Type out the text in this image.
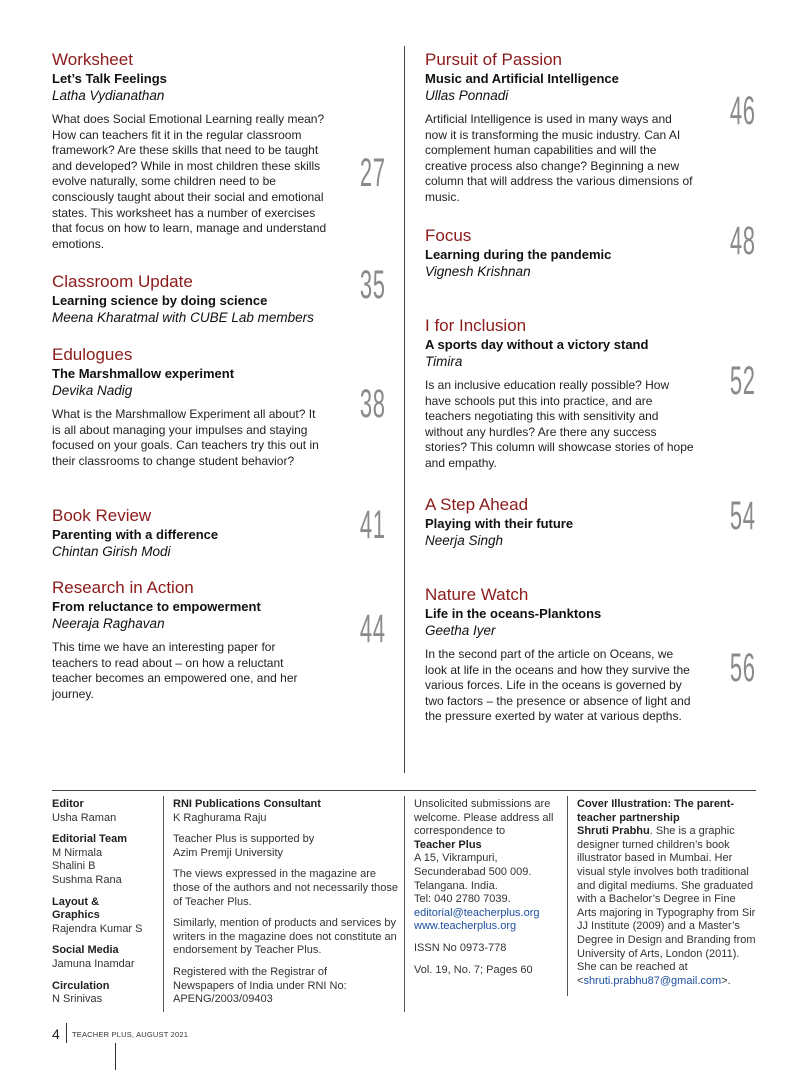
Worksheet
Let’s Talk Feelings
Latha Vydianathan
What does Social Emotional Learning really mean? How can teachers fit it in the regular classroom framework? Are these skills that need to be taught and developed? While in most children these skills evolve naturally, some children need to be consciously taught about their social and emotional states. This worksheet has a number of exercises that focus on how to learn, manage and understand emotions.
27
Classroom Update
Learning science by doing science
Meena Kharatmal with CUBE Lab members
35
Edulogues
The Marshmallow experiment
Devika Nadig
What is the Marshmallow Experiment all about? It is all about managing your impulses and staying focused on your goals. Can teachers try this out in their classrooms to change student behavior?
38
Book Review
Parenting with a difference
Chintan Girish Modi
41
Research in Action
From reluctance to empowerment
Neeraja Raghavan
This time we have an interesting paper for teachers to read about – on how a reluctant teacher becomes an empowered one, and her journey.
44
Pursuit of Passion
Music and Artificial Intelligence
Ullas Ponnadi
Artificial Intelligence is used in many ways and now it is transforming the music industry. Can AI complement human capabilities and will the creative process also change? Beginning a new column that will address the various dimensions of music.
46
Focus
Learning during the pandemic
Vignesh Krishnan
48
I for Inclusion
A sports day without a victory stand
Timira
Is an inclusive education really possible? How have schools put this into practice, and are teachers negotiating this with sensitivity and without any hurdles? Are there any success stories? This column will showcase stories of hope and empathy.
52
A Step Ahead
Playing with their future
Neerja Singh
54
Nature Watch
Life in the oceans-Planktons
Geetha Iyer
In the second part of the article on Oceans, we look at life in the oceans and how they survive the various forces. Life in the oceans is governed by two factors – the presence or absence of light and the pressure exerted by water at various depths.
56
Editor
Usha Raman
Editorial Team
M Nirmala
Shalini B
Sushma Rana
Layout & Graphics
Rajendra Kumar S
Social Media
Jamuna Inamdar
Circulation
N Srinivas
RNI Publications Consultant
K Raghurama Raju
Teacher Plus is supported by Azim Premji University
The views expressed in the magazine are those of the authors and not necessarily those of Teacher Plus.
Similarly, mention of products and services by writers in the magazine does not constitute an endorsement by Teacher Plus.
Registered with the Registrar of Newspapers of India under RNI No: APENG/2003/09403
Unsolicited submissions are welcome. Please address all correspondence to
Teacher Plus
A 15, Vikrampuri,
Secunderabad 500 009.
Telangana. India.
Tel: 040 2780 7039.
editorial@teacherplus.org
www.teacherplus.org
ISSN No 0973-778
Vol. 19, No. 7; Pages 60
Cover Illustration: The parent-teacher partnership
Shruti Prabhu. She is a graphic designer turned children’s book illustrator based in Mumbai. Her visual style involves both traditional and digital mediums. She graduated with a Bachelor’s Degree in Fine Arts majoring in Typography from Sir JJ Institute (2009) and a Master’s Degree in Design and Branding from University of Arts, London (2011). She can be reached at <shruti.prabhu87@gmail.com>.
4 TEACHER PLUS, AUGUST 2021
